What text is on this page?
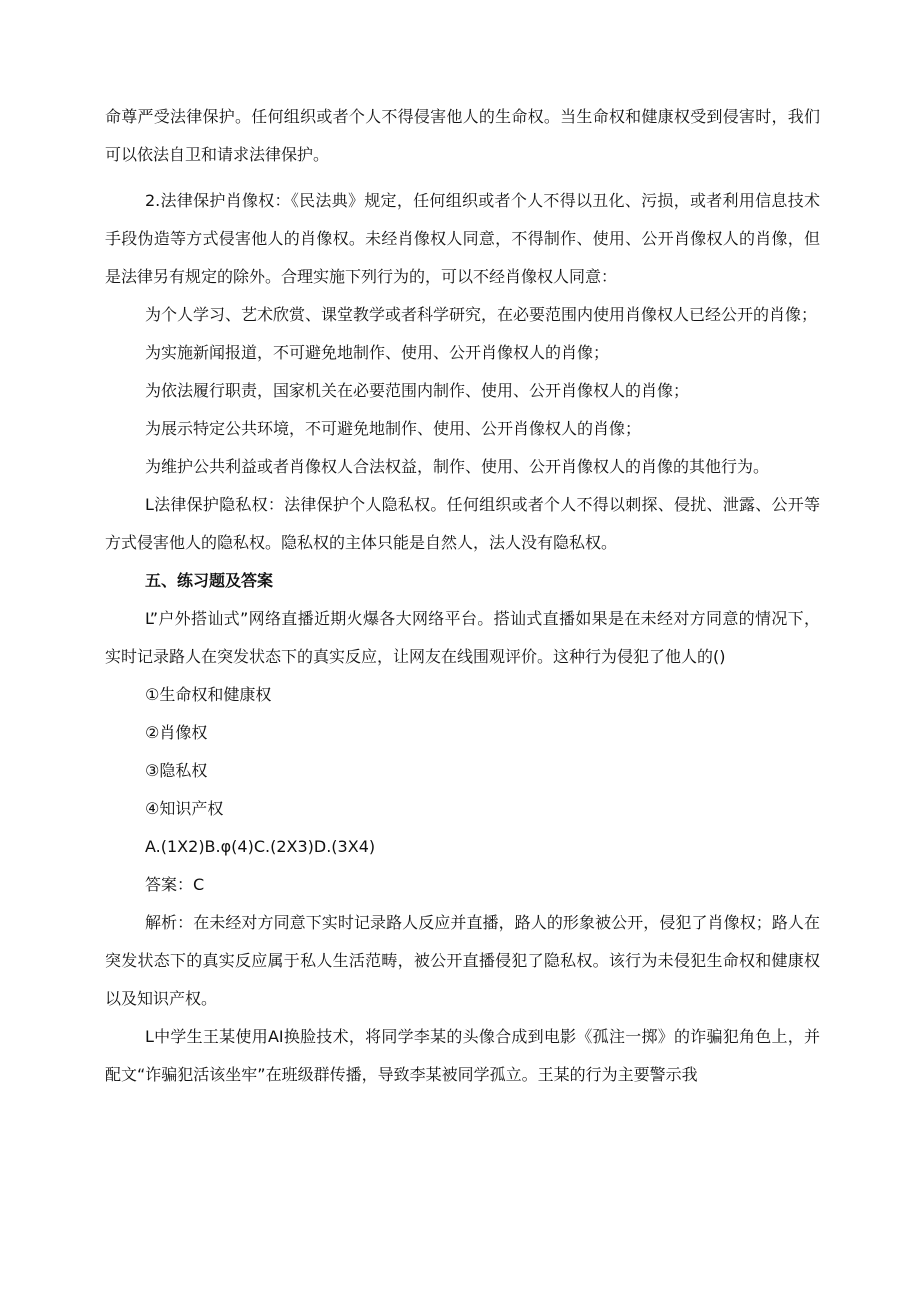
命尊严受法律保护。任何组织或者个人不得侵害他人的生命权。当生命权和健康权受到侵害时，我们可以依法自卫和请求法律保护。

2.法律保护肖像权：《民法典》规定，任何组织或者个人不得以丑化、污损，或者利用信息技术手段伪造等方式侵害他人的肖像权。未经肖像权人同意，不得制作、使用、公开肖像权人的肖像，但是法律另有规定的除外。合理实施下列行为的，可以不经肖像权人同意：

为个人学习、艺术欣赏、课堂教学或者科学研究，在必要范围内使用肖像权人已经公开的肖像；

为实施新闻报道，不可避免地制作、使用、公开肖像权人的肖像；

为依法履行职责，国家机关在必要范围内制作、使用、公开肖像权人的肖像；

为展示特定公共环境，不可避免地制作、使用、公开肖像权人的肖像；

为维护公共利益或者肖像权人合法权益，制作、使用、公开肖像权人的肖像的其他行为。

L法律保护隐私权：法律保护个人隐私权。任何组织或者个人不得以刺探、侵扰、泄露、公开等方式侵害他人的隐私权。隐私权的主体只能是自然人，法人没有隐私权。

五、练习题及答案

L”户外搭讪式”网络直播近期火爆各大网络平台。搭讪式直播如果是在未经对方同意的情况下，实时记录路人在突发状态下的真实反应，让网友在线围观评价。这种行为侵犯了他人的()

①生命权和健康权

②肖像权

③隐私权

④知识产权

A.(1X2)B.φ(4)C.(2X3)D.(3X4)

答案：C

解析：在未经对方同意下实时记录路人反应并直播，路人的形象被公开，侵犯了肖像权；路人在突发状态下的真实反应属于私人生活范畴，被公开直播侵犯了隐私权。该行为未侵犯生命权和健康权以及知识产权。

L中学生王某使用AI换脸技术，将同学李某的头像合成到电影《孤注一掷》的诈骗犯角色上，并配文“诈骗犯活该坐牢”在班级群传播，导致李某被同学孤立。王某的行为主要警示我
